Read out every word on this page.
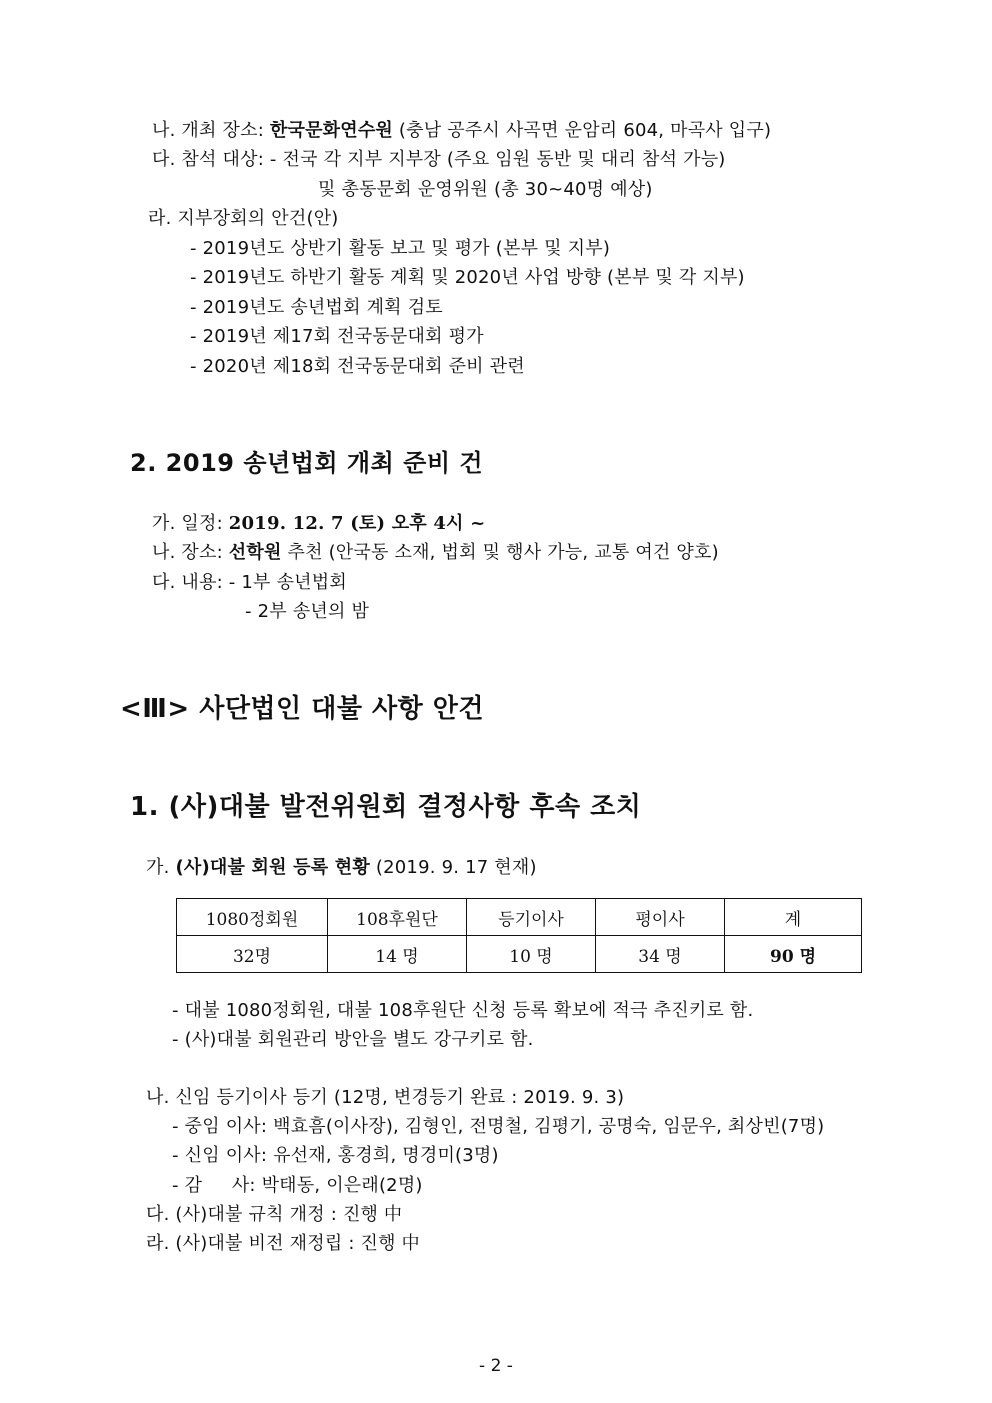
나. 개최 장소: 한국문화연수원 (충남 공주시 사곡면 운암리 604, 마곡사 입구)
다. 참석 대상: - 전국 각 지부 지부장 (주요 임원 동반 및 대리 참석 가능)
및 총동문회 운영위원 (총 30~40명 예상)
라. 지부장회의 안건(안)
- 2019년도 상반기 활동 보고 및 평가 (본부 및 지부)
- 2019년도 하반기 활동 계획 및 2020년 사업 방향 (본부 및 각 지부)
- 2019년도 송년법회 계획 검토
- 2019년 제17회 전국동문대회 평가
- 2020년 제18회 전국동문대회 준비 관련
2. 2019 송년법회 개최 준비 건
가. 일정: 2019. 12. 7 (토) 오후 4시 ~
나. 장소: 선학원 추천 (안국동 소재, 법회 및 행사 가능, 교통 여건 양호)
다. 내용: - 1부 송년법회
- 2부 송년의 밤
<Ⅲ> 사단법인 대불 사항 안건
1. (사)대불 발전위원회 결정사항 후속 조치
가. (사)대불 회원 등록 현황 (2019. 9. 17 현재)
1080정회원	108후원단	등기이사	평이사	계
32명	14 명	10 명	34 명	90 명
- 대불 1080정회원, 대불 108후원단 신청 등록 확보에 적극 추진키로 함.
- (사)대불 회원관리 방안을 별도 강구키로 함.
나. 신임 등기이사 등기 (12명, 변경등기 완료 : 2019. 9. 3)
- 중임 이사: 백효흠(이사장), 김형인, 전명철, 김평기, 공명숙, 임문우, 최상빈(7명)
- 신임 이사: 유선재, 홍경희, 명경미(3명)
- 감     사: 박태동, 이은래(2명)
다. (사)대불 규칙 개정 : 진행 中
라. (사)대불 비전 재정립 : 진행 中
- 2 -
